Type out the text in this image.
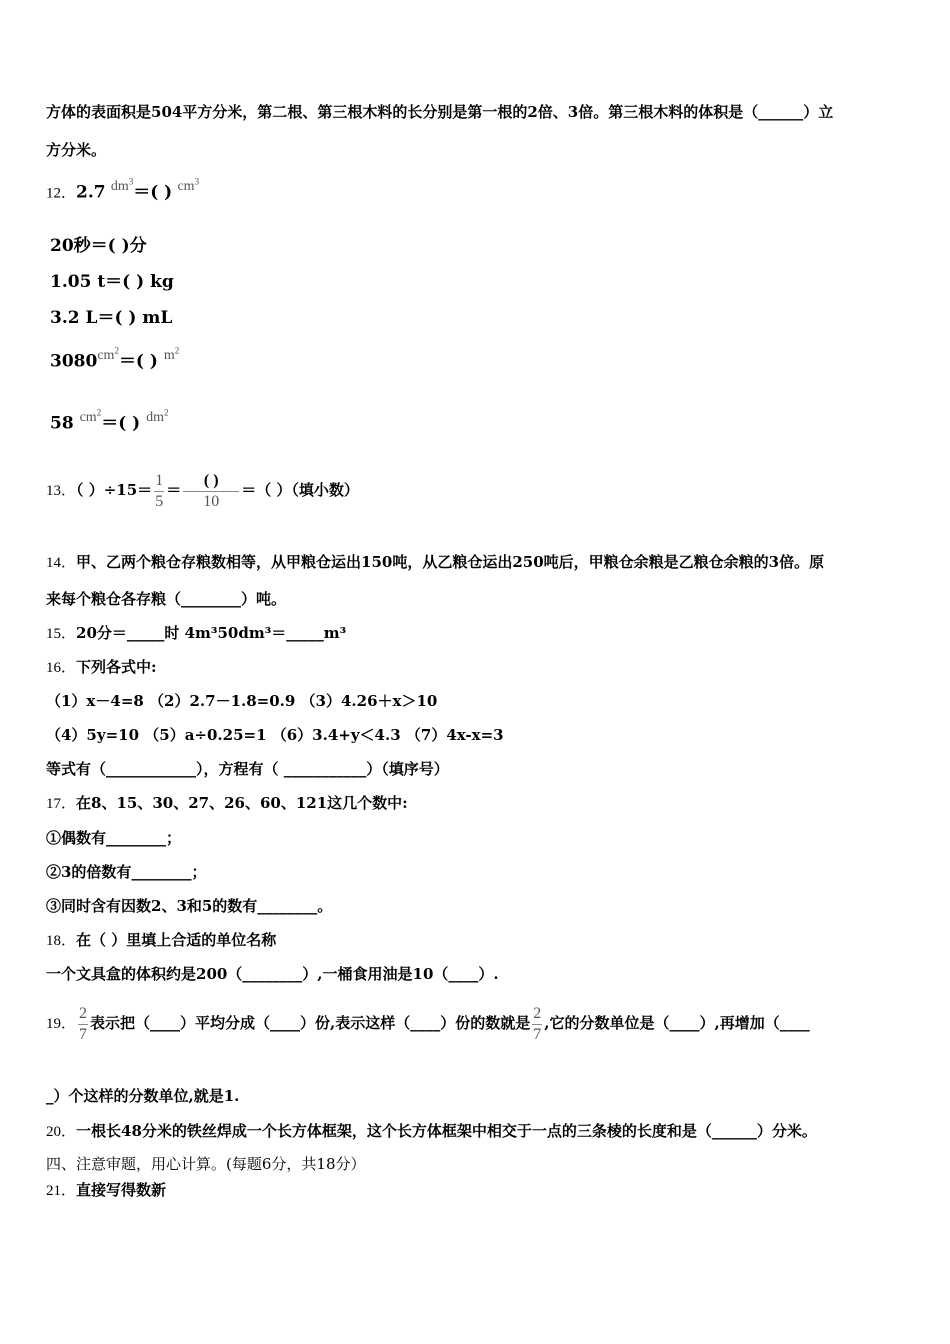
方体的表面积是504平方分米，第二根、第三根木料的长分别是第一根的2倍、3倍。第三根木料的体积是（______）立
方分米。
12．2.7 $dm^3=$( ) $cm^3$
20秒＝( )分
1.05 t＝( ) kg
3.2 L＝( ) mL
$3080^{cm^2}=$( ) $^{m^2}$
58 $^{cm^2}$＝( ) $^{dm^2}$
13．（ ）$\div 15= \frac{1}{5} = \frac{( )}{10}$ ＝（ ）（填小数）
14．甲、乙两个粮仓存粮数相等，从甲粮仓运出150吨，从乙粮仓运出250吨后，甲粮仓余粮是乙粮仓余粮的3倍。原
来每个粮仓各存粮（________）吨。
15．20分＝_____时 4m³50dm³＝_____m³
16．下列各式中:
（1）x－4=8 （2）2.7－1.8=0.9 （3）4.26＋x＞10
（4）5y=10 （5）a÷0.25=1 （6）3.4+y＜4.3 （7）4x-x=3
等式有（____________），方程有（ ___________）（填序号）
17．在8、15、30、27、26、60、121这几个数中:
①偶数有________；
②3的倍数有________；
③同时含有因数2、3和5的数有________。
18．在（ ）里填上合适的单位名称
一个文具盒的体积约是200（________）,一桶食用油是10（____）.
19． $\frac{2}{7}$ 表示把（____）平均分成（____）份,表示这样（____）份的数就是 $\frac{2}{7}$ ,它的分数单位是（____）,再增加（____
_）个这样的分数单位,就是1.
20．一根长48分米的铁丝焊成一个长方体框架，这个长方体框架中相交于一点的三条棱的长度和是（______）分米。
四、注意审题，用心计算。(每题6分，共18分）
21．直接写得数新
